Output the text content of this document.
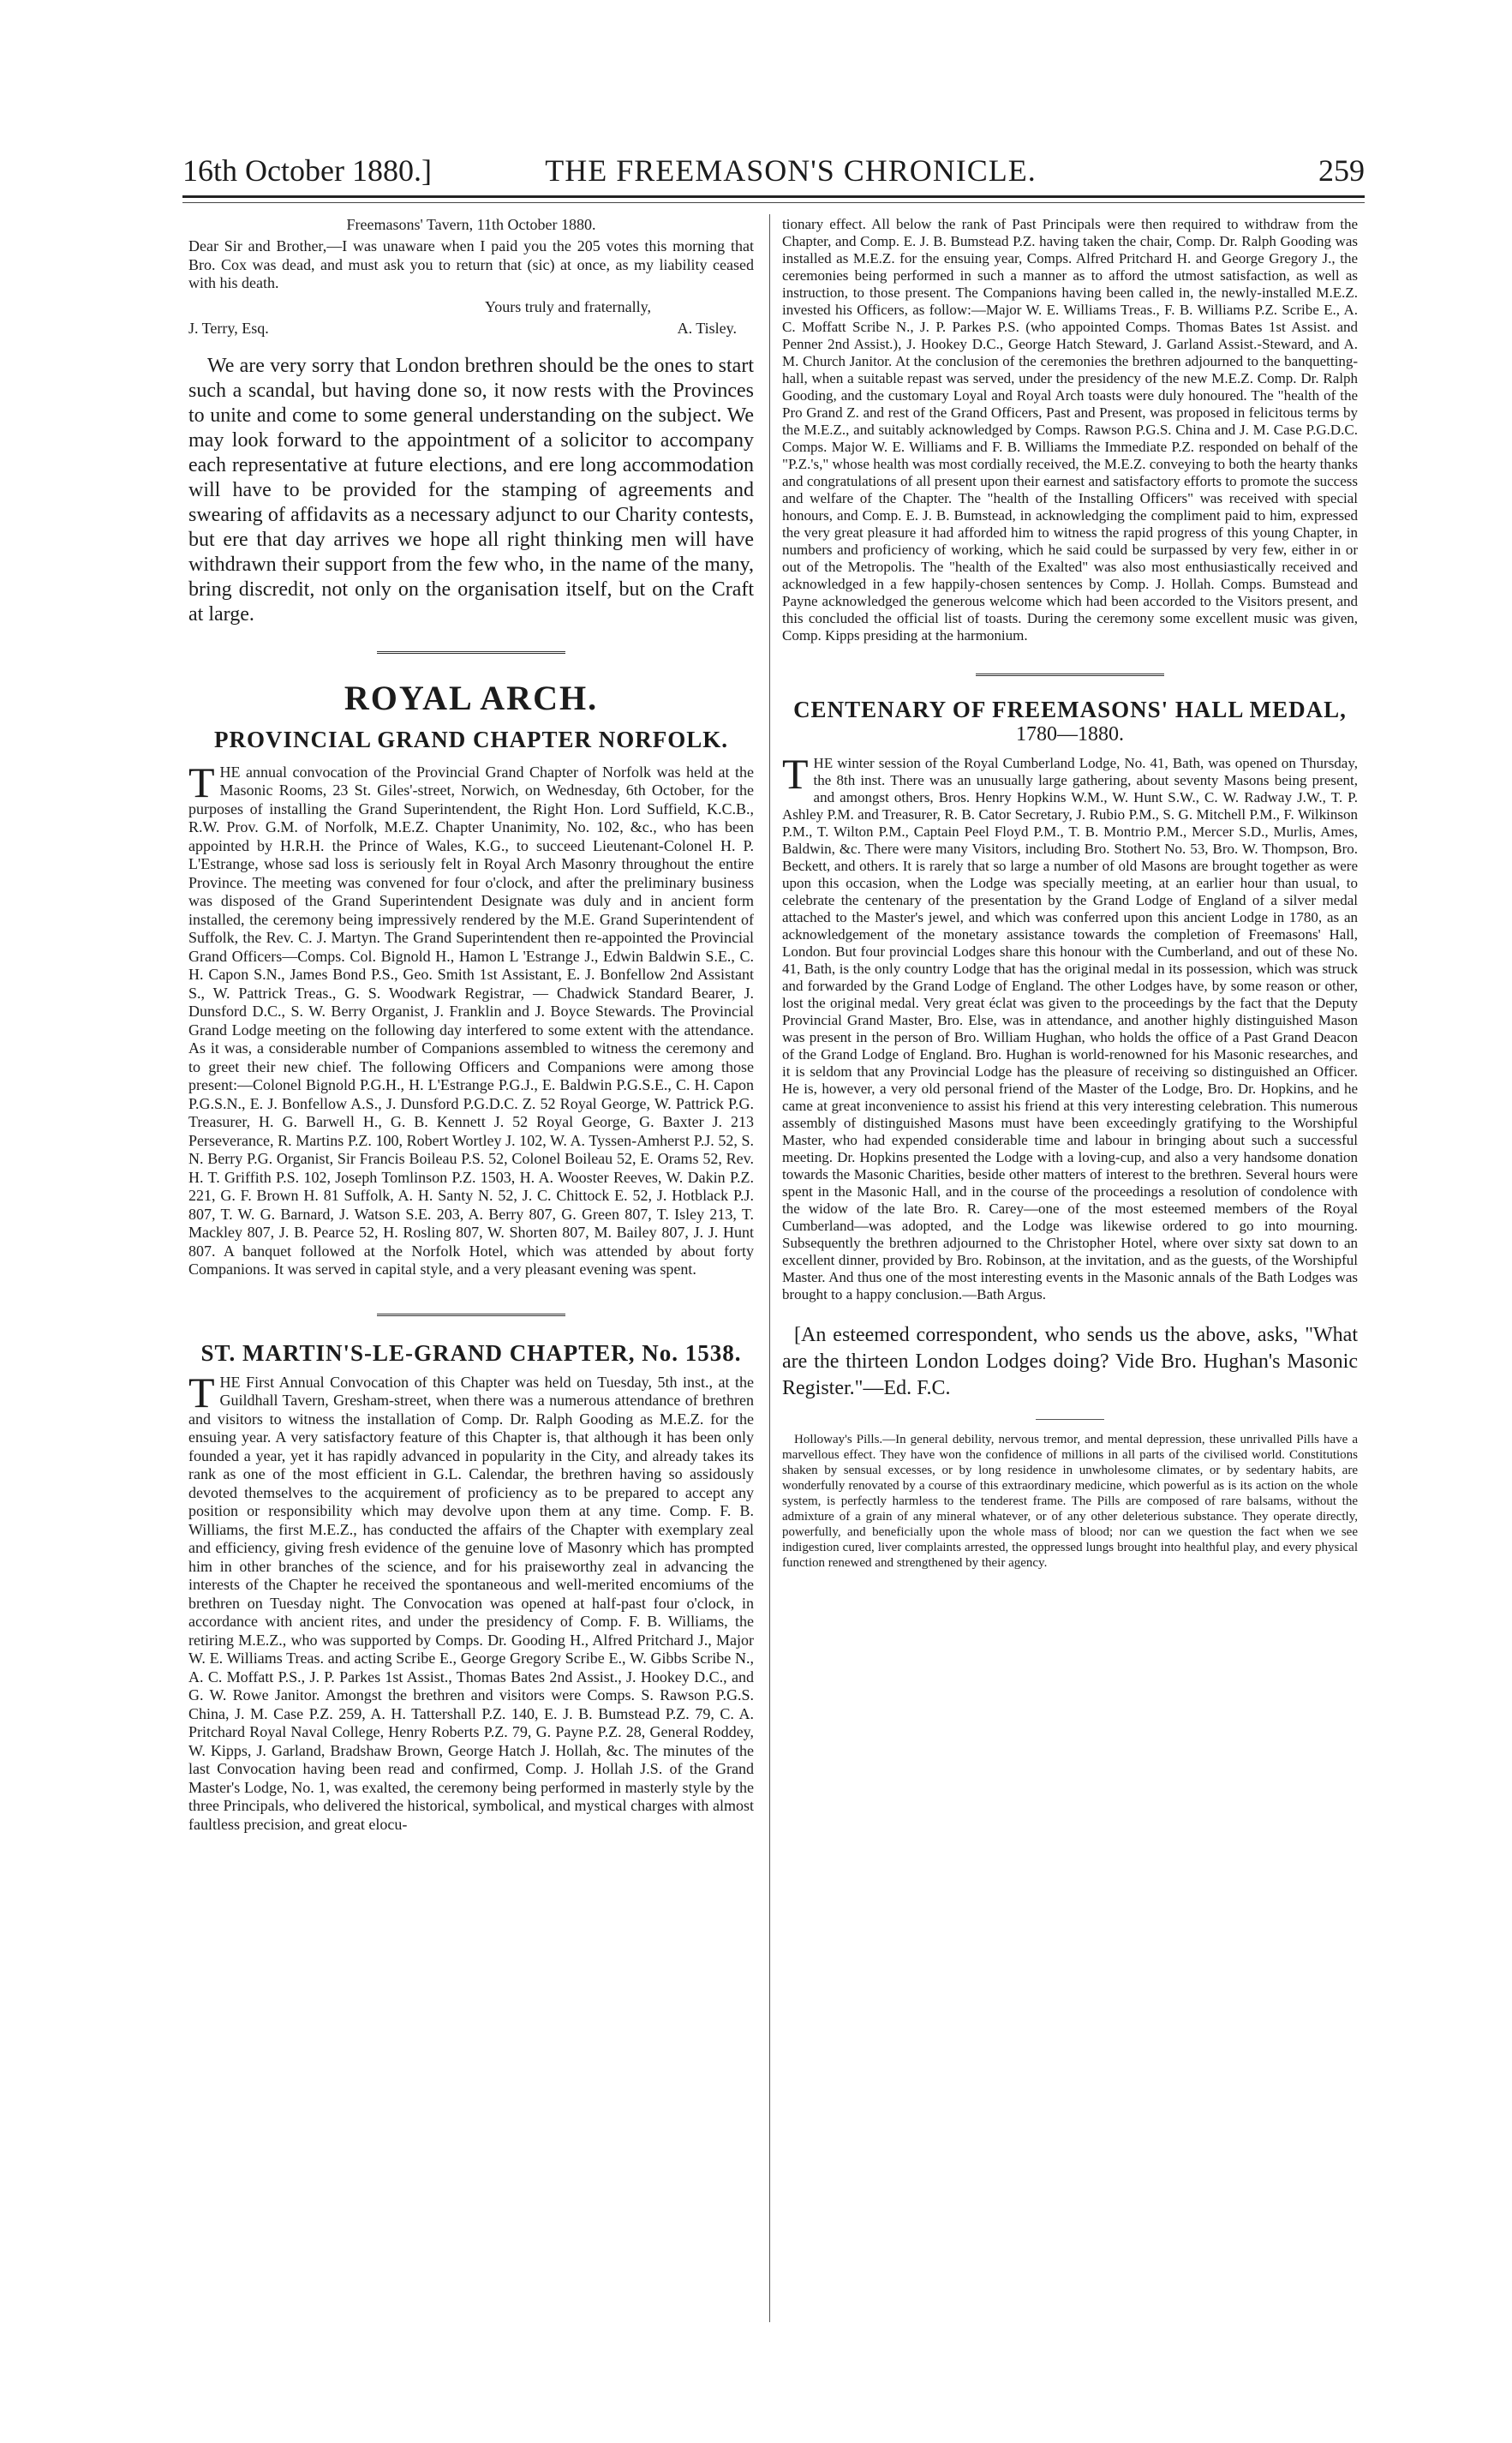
16th October 1880.]	THE FREEMASON'S CHRONICLE.	259
Freemasons' Tavern, 11th October 1880.

Dear Sir and Brother,—I was unaware when I paid you the 205 votes this morning that Bro. Cox was dead, and must ask you to return that (sic) at once, as my liability ceased with his death.

Yours truly and fraternally,
J. Terry, Esq.	A. Tisley.

We are very sorry that London brethren should be the ones to start such a scandal, but having done so, it now rests with the Provinces to unite and come to some general understanding on the subject. We may look forward to the appointment of a solicitor to accompany each representative at future elections, and ere long accommodation will have to be provided for the stamping of agreements and swearing of affidavits as a necessary adjunct to our Charity contests, but ere that day arrives we hope all right thinking men will have withdrawn their support from the few who, in the name of the many, bring discredit, not only on the organisation itself, but on the Craft at large.

ROYAL ARCH.
PROVINCIAL GRAND CHAPTER NORFOLK.
T HE annual convocation of the Provincial Grand Chapter of Norfolk was held at the Masonic Rooms, 23 St. Giles'-street, Norwich, on Wednesday, 6th October, for the purposes of installing the Grand Superintendent, the Right Hon. Lord Suffield, K.C.B., R.W. Prov. G.M. of Norfolk, M.E.Z. Chapter Unanimity, No. 102, &c., who has been appointed by H.R.H. the Prince of Wales, K.G., to succeed Lieutenant-Colonel H. P. L'Estrange, whose sad loss is seriously felt in Royal Arch Masonry throughout the entire Province. The meeting was convened for four o'clock, and after the preliminary business was disposed of the Grand Superintendent Designate was duly and in ancient form installed, the ceremony being impressively rendered by the M.E. Grand Superintendent of Suffolk, the Rev. C. J. Martyn. The Grand Superintendent then re-appointed the Provincial Grand Officers—Comps. Col. Bignold H., Hamon L 'Estrange J., Edwin Baldwin S.E., C. H. Capon S.N., James Bond P.S., Geo. Smith 1st Assistant, E. J. Bonfellow 2nd Assistant S., W. Pattrick Treas., G. S. Woodwark Registrar, — Chadwick Standard Bearer, J. Dunsford D.C., S. W. Berry Organist, J. Franklin and J. Boyce Stewards. The Provincial Grand Lodge meeting on the following day interfered to some extent with the attendance. As it was, a considerable number of Companions assembled to witness the ceremony and to greet their new chief. The following Officers and Companions were among those present:—Colonel Bignold P.G.H., H. L'Estrange P.G.J., E. Baldwin P.G.S.E., C. H. Capon P.G.S.N., E. J. Bonfellow A.S., J. Dunsford P.G.D.C. Z. 52 Royal George, W. Pattrick P.G. Treasurer, H. G. Barwell H., G. B. Kennett J. 52 Royal George, G. Baxter J. 213 Perseverance, R. Martins P.Z. 100, Robert Wortley J. 102, W. A. Tyssen-Amherst P.J. 52, S. N. Berry P.G. Organist, Sir Francis Boileau P.S. 52, Colonel Boileau 52, E. Orams 52, Rev. H. T. Griffith P.S. 102, Joseph Tomlinson P.Z. 1503, H. A. Wooster Reeves, W. Dakin P.Z. 221, G. F. Brown H. 81 Suffolk, A. H. Santy N. 52, J. C. Chittock E. 52, J. Hotblack P.J. 807, T. W. G. Barnard, J. Watson S.E. 203, A. Berry 807, G. Green 807, T. Isley 213, T. Mackley 807, J. B. Pearce 52, H. Rosling 807, W. Shorten 807, M. Bailey 807, J. J. Hunt 807. A banquet followed at the Norfolk Hotel, which was attended by about forty Companions. It was served in capital style, and a very pleasant evening was spent.

ST. MARTIN'S-LE-GRAND CHAPTER, No. 1538.
T HE First Annual Convocation of this Chapter was held on Tuesday, 5th inst., at the Guildhall Tavern, Gresham-street, when there was a numerous attendance of brethren and visitors to witness the installation of Comp. Dr. Ralph Gooding as M.E.Z. for the ensuing year. A very satisfactory feature of this Chapter is, that although it has been only founded a year, yet it has rapidly advanced in popularity in the City, and already takes its rank as one of the most efficient in G.L. Calendar, the brethren having so assidously devoted themselves to the acquirement of proficiency as to be prepared to accept any position or responsibility which may devolve upon them at any time. Comp. F. B. Williams, the first M.E.Z., has conducted the affairs of the Chapter with exemplary zeal and efficiency, giving fresh evidence of the genuine love of Masonry which has prompted him in other branches of the science, and for his praiseworthy zeal in advancing the interests of the Chapter he received the spontaneous and well-merited encomiums of the brethren on Tuesday night. The Convocation was opened at half-past four o'clock, in accordance with ancient rites, and under the presidency of Comp. F. B. Williams, the retiring M.E.Z., who was supported by Comps. Dr. Gooding H., Alfred Pritchard J., Major W. E. Williams Treas. and acting Scribe E., George Gregory Scribe E., W. Gibbs Scribe N., A. C. Moffatt P.S., J. P. Parkes 1st Assist., Thomas Bates 2nd Assist., J. Hookey D.C., and G. W. Rowe Janitor. Amongst the brethren and visitors were Comps. S. Rawson P.G.S. China, J. M. Case P.Z. 259, A. H. Tattershall P.Z. 140, E. J. B. Bumstead P.Z. 79, C. A. Pritchard Royal Naval College, Henry Roberts P.Z. 79, G. Payne P.Z. 28, General Roddey, W. Kipps, J. Garland, Bradshaw Brown, George Hatch J. Hollah, &c. The minutes of the last Convocation having been read and confirmed, Comp. J. Hollah J.S. of the Grand Master's Lodge, No. 1, was exalted, the ceremony being performed in masterly style by the three Principals, who delivered the historical, symbolical, and mystical charges with almost faultless precision, and great elocu-

tionary effect. All below the rank of Past Principals were then required to withdraw from the Chapter, and Comp. E. J. B. Bumstead P.Z. having taken the chair, Comp. Dr. Ralph Gooding was installed as M.E.Z. for the ensuing year, Comps. Alfred Pritchard H. and George Gregory J., the ceremonies being performed in such a manner as to afford the utmost satisfaction, as well as instruction, to those present. The Companions having been called in, the newly-installed M.E.Z. invested his Officers, as follow:—Major W. E. Williams Treas., F. B. Williams P.Z. Scribe E., A. C. Moffatt Scribe N., J. P. Parkes P.S. (who appointed Comps. Thomas Bates 1st Assist. and Penner 2nd Assist.), J. Hookey D.C., George Hatch Steward, J. Garland Assist.-Steward, and A. M. Church Janitor. At the conclusion of the ceremonies the brethren adjourned to the banquetting-hall, when a suitable repast was served, under the presidency of the new M.E.Z. Comp. Dr. Ralph Gooding, and the customary Loyal and Royal Arch toasts were duly honoured. The "health of the Pro Grand Z. and rest of the Grand Officers, Past and Present, was proposed in felicitous terms by the M.E.Z., and suitably acknowledged by Comps. Rawson P.G.S. China and J. M. Case P.G.D.C. Comps. Major W. E. Williams and F. B. Williams the Immediate P.Z. responded on behalf of the "P.Z.'s," whose health was most cordially received, the M.E.Z. conveying to both the hearty thanks and congratulations of all present upon their earnest and satisfactory efforts to promote the success and welfare of the Chapter. The "health of the Installing Officers" was received with special honours, and Comp. E. J. B. Bumstead, in acknowledging the compliment paid to him, expressed the very great pleasure it had afforded him to witness the rapid progress of this young Chapter, in numbers and proficiency of working, which he said could be surpassed by very few, either in or out of the Metropolis. The "health of the Exalted" was also most enthusiastically received and acknowledged in a few happily-chosen sentences by Comp. J. Hollah. Comps. Bumstead and Payne acknowledged the generous welcome which had been accorded to the Visitors present, and this concluded the official list of toasts. During the ceremony some excellent music was given, Comp. Kipps presiding at the harmonium.

CENTENARY OF FREEMASONS' HALL MEDAL,
1780—1880.
T HE winter session of the Royal Cumberland Lodge, No. 41, Bath, was opened on Thursday, the 8th inst. There was an unusually large gathering, about seventy Masons being present, and amongst others, Bros. Henry Hopkins W.M., W. Hunt S.W., C. W. Radway J.W., T. P. Ashley P.M. and Treasurer, R. B. Cator Secretary, J. Rubio P.M., S. G. Mitchell P.M., F. Wilkinson P.M., T. Wilton P.M., Captain Peel Floyd P.M., T. B. Montrio P.M., Mercer S.D., Murlis, Ames, Baldwin, &c. There were many Visitors, including Bro. Stothert No. 53, Bro. W. Thompson, Bro. Beckett, and others. It is rarely that so large a number of old Masons are brought together as were upon this occasion, when the Lodge was specially meeting, at an earlier hour than usual, to celebrate the centenary of the presentation by the Grand Lodge of England of a silver medal attached to the Master's jewel, and which was conferred upon this ancient Lodge in 1780, as an acknowledgement of the monetary assistance towards the completion of Freemasons' Hall, London. But four provincial Lodges share this honour with the Cumberland, and out of these No. 41, Bath, is the only country Lodge that has the original medal in its possession, which was struck and forwarded by the Grand Lodge of England. The other Lodges have, by some reason or other, lost the original medal. Very great éclat was given to the proceedings by the fact that the Deputy Provincial Grand Master, Bro. Else, was in attendance, and another highly distinguished Mason was present in the person of Bro. William Hughan, who holds the office of a Past Grand Deacon of the Grand Lodge of England. Bro. Hughan is world-renowned for his Masonic researches, and it is seldom that any Provincial Lodge has the pleasure of receiving so distinguished an Officer. He is, however, a very old personal friend of the Master of the Lodge, Bro. Dr. Hopkins, and he came at great inconvenience to assist his friend at this very interesting celebration. This numerous assembly of distinguished Masons must have been exceedingly gratifying to the Worshipful Master, who had expended considerable time and labour in bringing about such a successful meeting. Dr. Hopkins presented the Lodge with a loving-cup, and also a very handsome donation towards the Masonic Charities, beside other matters of interest to the brethren. Several hours were spent in the Masonic Hall, and in the course of the proceedings a resolution of condolence with the widow of the late Bro. R. Carey—one of the most esteemed members of the Royal Cumberland—was adopted, and the Lodge was likewise ordered to go into mourning. Subsequently the brethren adjourned to the Christopher Hotel, where over sixty sat down to an excellent dinner, provided by Bro. Robinson, at the invitation, and as the guests, of the Worshipful Master. And thus one of the most interesting events in the Masonic annals of the Bath Lodges was brought to a happy conclusion.—Bath Argus.

[An esteemed correspondent, who sends us the above, asks, "What are the thirteen London Lodges doing? Vide Bro. Hughan's Masonic Register."—Ed. F.C.

Holloway's Pills.—In general debility, nervous tremor, and mental depression, these unrivalled Pills have a marvellous effect. They have won the confidence of millions in all parts of the civilised world. Constitutions shaken by sensual excesses, or by long residence in unwholesome climates, or by sedentary habits, are wonderfully renovated by a course of this extraordinary medicine, which powerful as is its action on the whole system, is perfectly harmless to the tenderest frame. The Pills are composed of rare balsams, without the admixture of a grain of any mineral whatever, or of any other deleterious substance. They operate directly, powerfully, and beneficially upon the whole mass of blood; nor can we question the fact when we see indigestion cured, liver complaints arrested, the oppressed lungs brought into healthful play, and every physical function renewed and strengthened by their agency.
